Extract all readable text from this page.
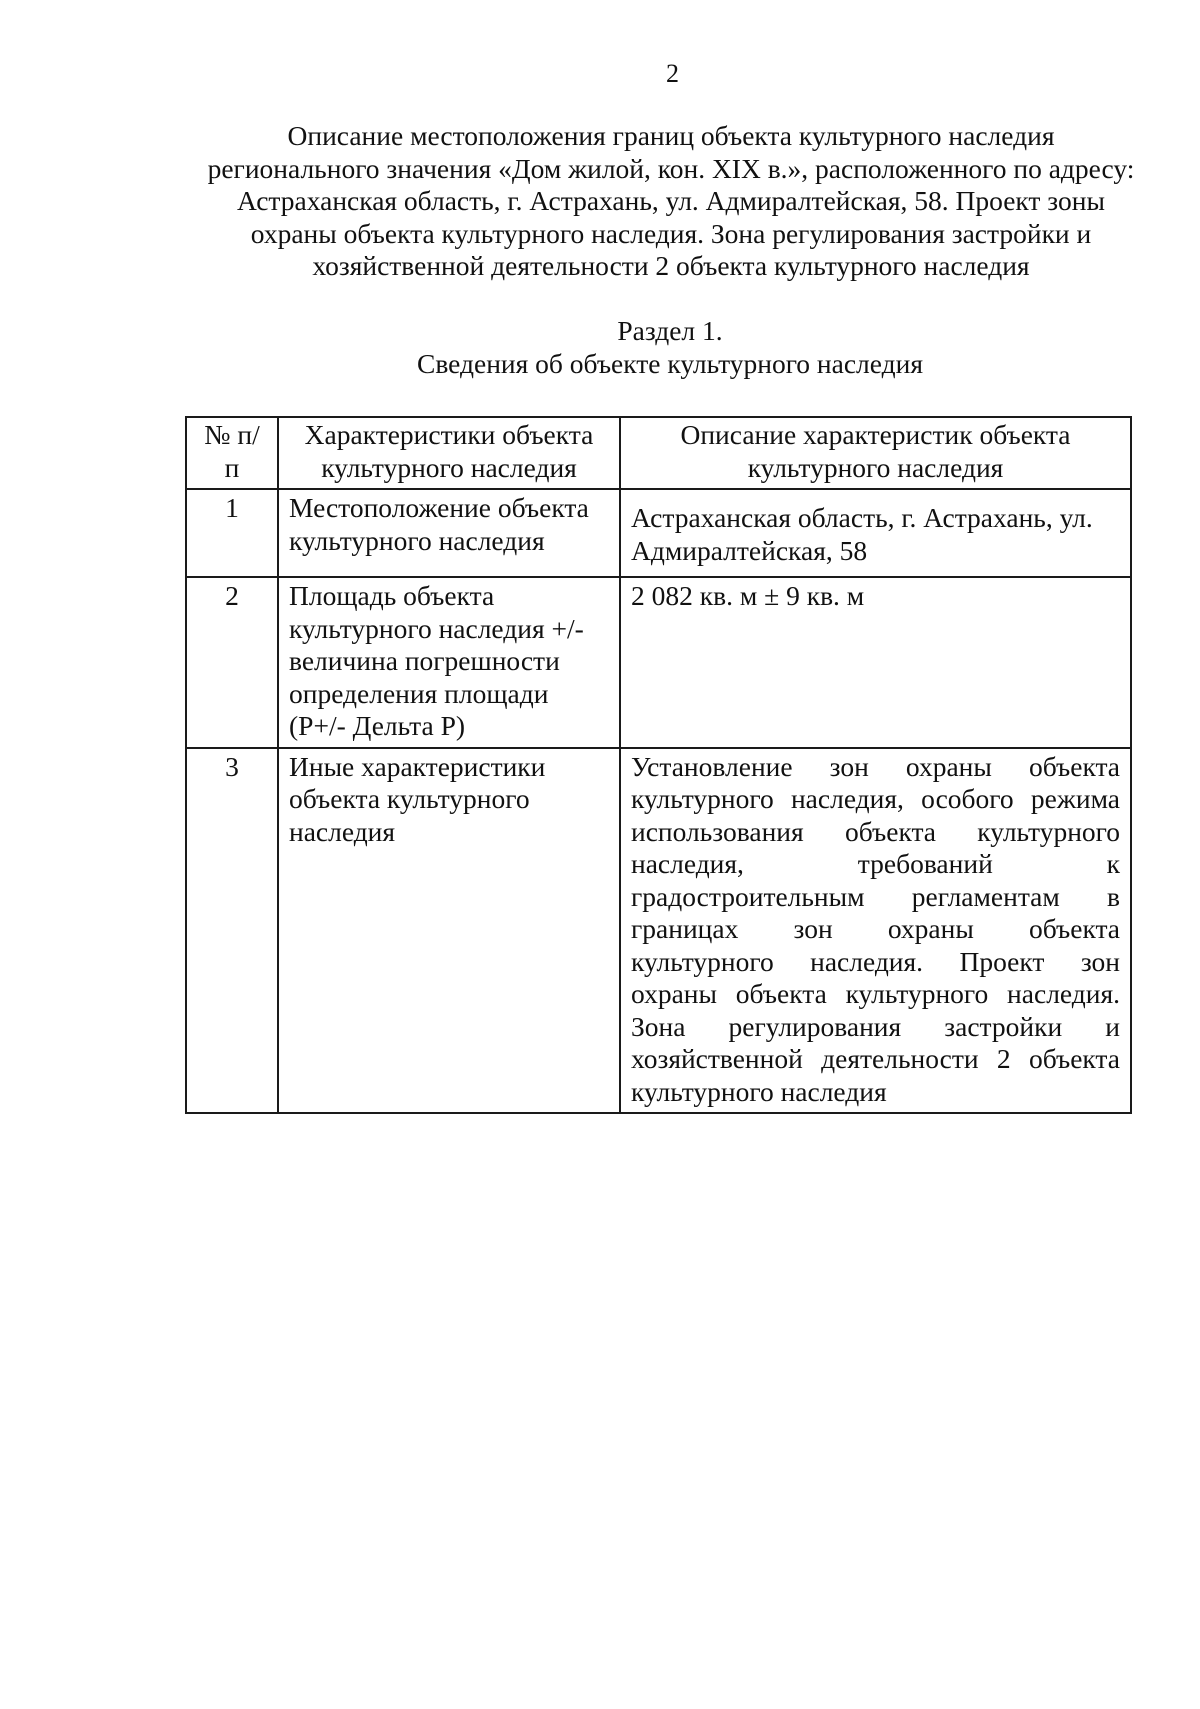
2
Описание местоположения границ объекта культурного наследия регионального значения «Дом жилой, кон. XIX в.», расположенного по адресу: Астраханская область, г. Астрахань, ул. Адмиралтейская, 58. Проект зоны охраны объекта культурного наследия. Зона регулирования застройки и хозяйственной деятельности 2 объекта культурного наследия
Раздел 1.
Сведения об объекте культурного наследия
№ п/п	Характеристики объекта культурного наследия	Описание характеристик объекта культурного наследия
1	Местоположение объекта культурного наследия	Астраханская область, г. Астрахань, ул. Адмиралтейская, 58
2	Площадь объекта культурного наследия +/- величина погрешности определения площади (Р+/- Дельта Р)	2 082 кв. м ± 9 кв. м
3	Иные характеристики объекта культурного наследия	Установление зон охраны объекта культурного наследия, особого режима использования объекта культурного наследия, требований к градостроительным регламентам в границах зон охраны объекта культурного наследия. Проект зон охраны объекта культурного наследия. Зона регулирования застройки и хозяйственной деятельности 2 объекта культурного наследия
